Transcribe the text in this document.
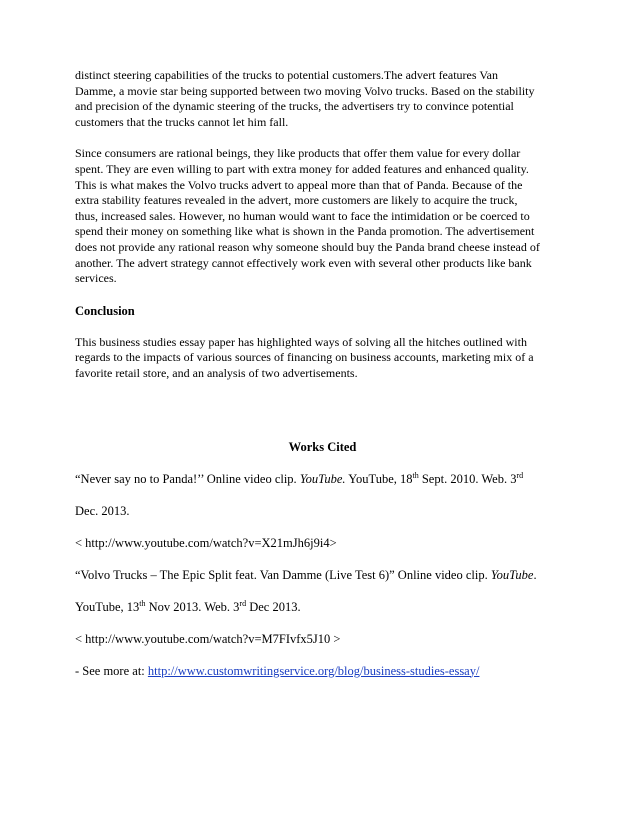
distinct steering capabilities of the trucks to potential customers.The advert features Van
Damme, a movie star being supported between two moving Volvo trucks. Based on the stability
and precision of the dynamic steering of the trucks, the advertisers try to convince potential
customers that the trucks cannot let him fall.

Since consumers are rational beings, they like products that offer them value for every dollar
spent. They are even willing to part with extra money for added features and enhanced quality.
This is what makes the Volvo trucks advert to appeal more than that of Panda. Because of the
extra stability features revealed in the advert, more customers are likely to acquire the truck,
thus, increased sales. However, no human would want to face the intimidation or be coerced to
spend their money on something like what is shown in the Panda promotion. The advertisement
does not provide any rational reason why someone should buy the Panda brand cheese instead of
another. The advert strategy cannot effectively work even with several other products like bank
services.

Conclusion

This business studies essay paper has highlighted ways of solving all the hitches outlined with
regards to the impacts of various sources of financing on business accounts, marketing mix of a
favorite retail store, and an analysis of two advertisements.

Works Cited

“Never say no to Panda!’’ Online video clip. YouTube. YouTube, 18th Sept. 2010. Web. 3rd

Dec. 2013.

< http://www.youtube.com/watch?v=X21mJh6j9i4>

“Volvo Trucks – The Epic Split feat. Van Damme (Live Test 6)” Online video clip. YouTube.

YouTube, 13th Nov 2013. Web. 3rd Dec 2013.

< http://www.youtube.com/watch?v=M7FIvfx5J10 >

- See more at: http://www.customwritingservice.org/blog/business-studies-essay/
